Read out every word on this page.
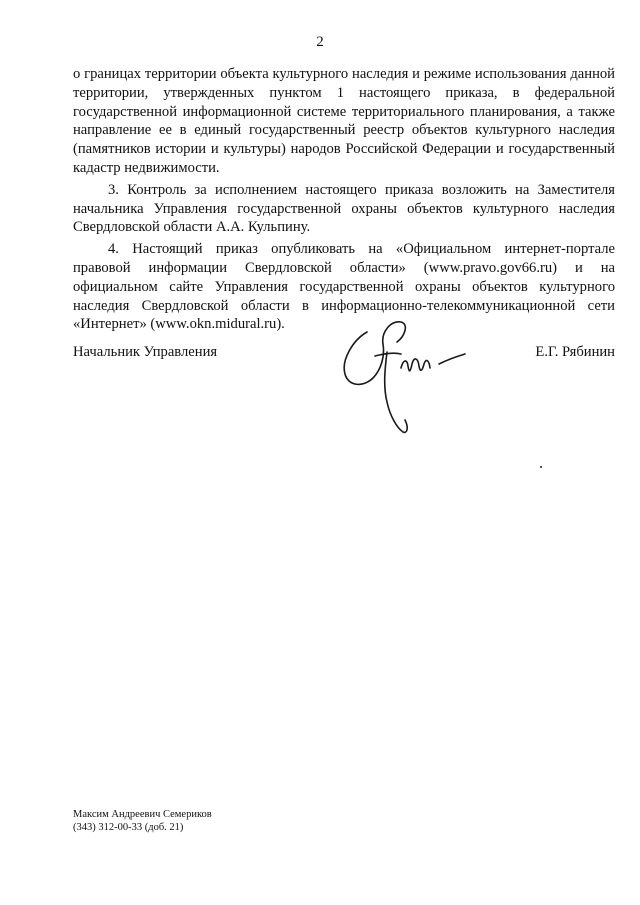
2

о границах территории объекта культурного наследия и режиме использования данной территории, утвержденных пунктом 1 настоящего приказа, в федеральной государственной информационной системе территориального планирования, а также направление ее в единый государственный реестр объектов культурного наследия (памятников истории и культуры) народов Российской Федерации и государственный кадастр недвижимости.

3. Контроль за исполнением настоящего приказа возложить на Заместителя начальника Управления государственной охраны объектов культурного наследия Свердловской области А.А. Кульпину.

4. Настоящий приказ опубликовать на «Официальном интернет-портале правовой информации Свердловской области» (www.pravo.gov66.ru) и на официальном сайте Управления государственной охраны объектов культурного наследия Свердловской области в информационно-телекоммуникационной сети «Интернет» (www.okn.midural.ru).

Начальник Управления	Е.Г. Рябинин
Максим Андреевич Семериков
(343) 312-00-33 (доб. 21)
